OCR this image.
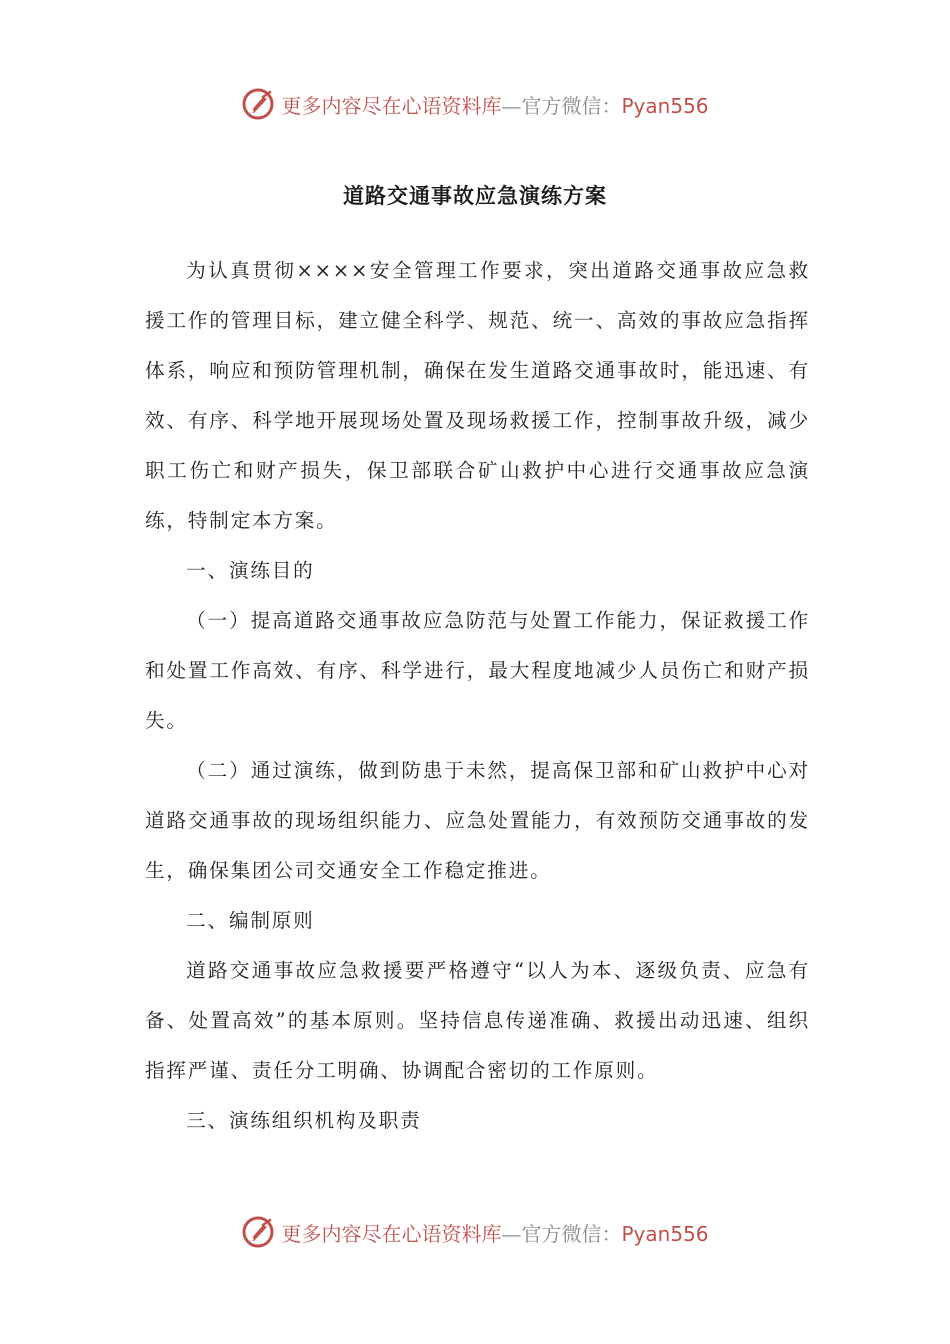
更多内容尽在心语资料库—官方微信：Pyan556
道路交通事故应急演练方案

为认真贯彻××××安全管理工作要求，突出道路交通事故应急救援工作的管理目标，建立健全科学、规范、统一、高效的事故应急指挥体系，响应和预防管理机制，确保在发生道路交通事故时，能迅速、有效、有序、科学地开展现场处置及现场救援工作，控制事故升级，减少职工伤亡和财产损失，保卫部联合矿山救护中心进行交通事故应急演练，特制定本方案。

一、演练目的

（一）提高道路交通事故应急防范与处置工作能力，保证救援工作和处置工作高效、有序、科学进行，最大程度地减少人员伤亡和财产损失。

（二）通过演练，做到防患于未然，提高保卫部和矿山救护中心对道路交通事故的现场组织能力、应急处置能力，有效预防交通事故的发生，确保集团公司交通安全工作稳定推进。

二、编制原则

道路交通事故应急救援要严格遵守“以人为本、逐级负责、应急有备、处置高效”的基本原则。坚持信息传递准确、救援出动迅速、组织指挥严谨、责任分工明确、协调配合密切的工作原则。

三、演练组织机构及职责

更多内容尽在心语资料库—官方微信：Pyan556
